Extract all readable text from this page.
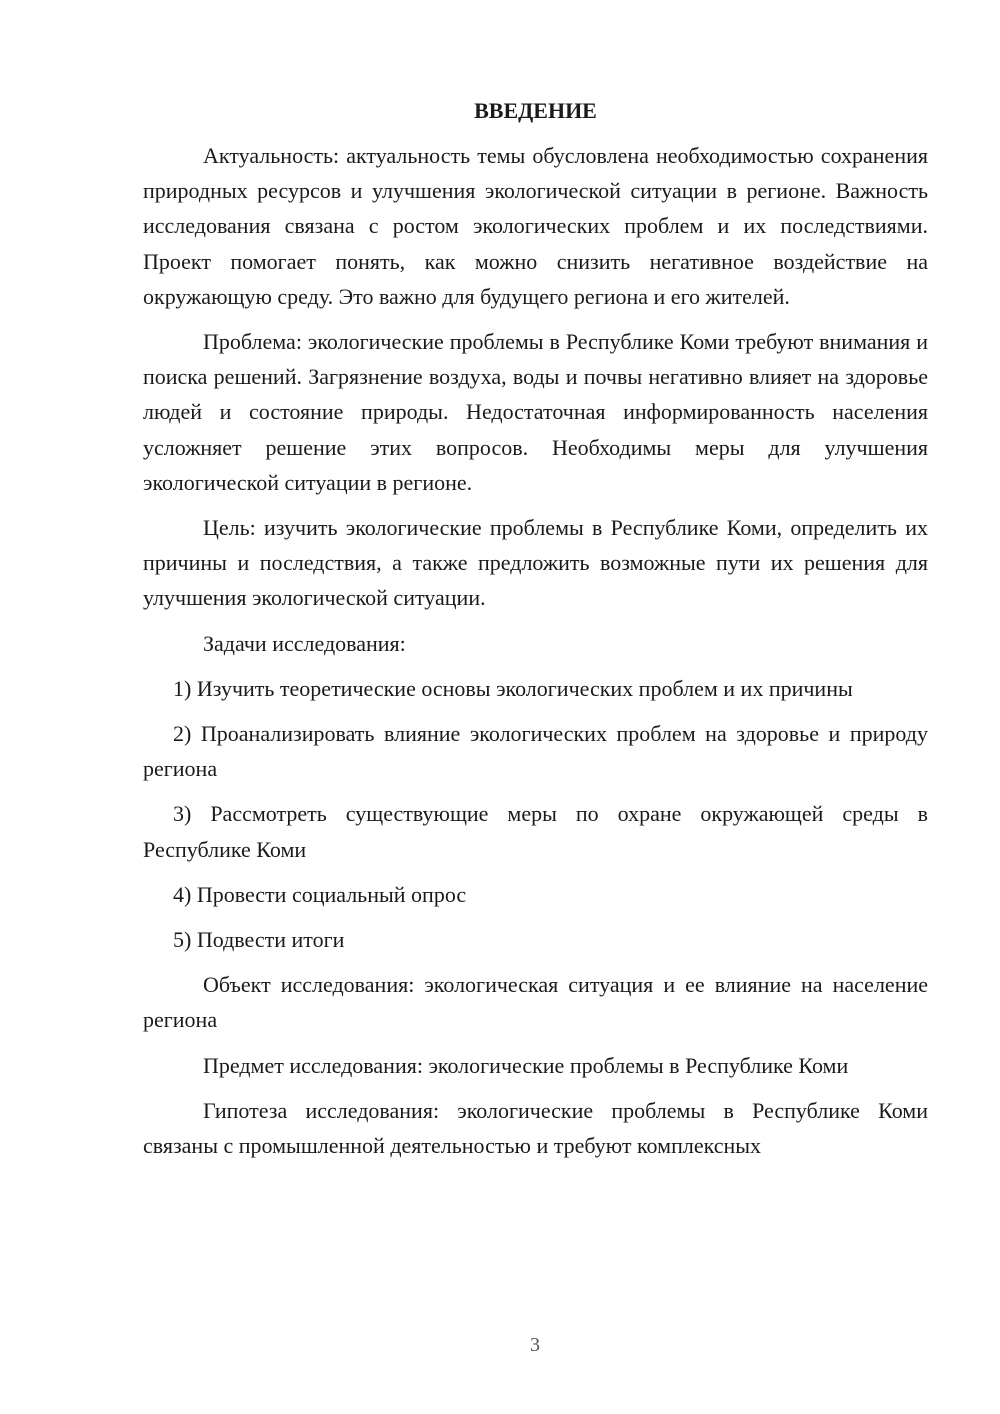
ВВЕДЕНИЕ

Актуальность: актуальность темы обусловлена необходимостью сохранения природных ресурсов и улучшения экологической ситуации в регионе. Важность исследования связана с ростом экологических проблем и их последствиями. Проект помогает понять, как можно снизить негативное воздействие на окружающую среду. Это важно для будущего региона и его жителей.

Проблема: экологические проблемы в Республике Коми требуют внимания и поиска решений. Загрязнение воздуха, воды и почвы негативно влияет на здоровье людей и состояние природы. Недостаточная информированность населения усложняет решение этих вопросов. Необходимы меры для улучшения экологической ситуации в регионе.

Цель: изучить экологические проблемы в Республике Коми, определить их причины и последствия, а также предложить возможные пути их решения для улучшения экологической ситуации.

Задачи исследования:

1) Изучить теоретические основы экологических проблем и их причины

2) Проанализировать влияние экологических проблем на здоровье и природу региона

3) Рассмотреть существующие меры по охране окружающей среды в Республике Коми

4) Провести социальный опрос

5) Подвести итоги

Объект исследования: экологическая ситуация и ее влияние на население региона

Предмет исследования: экологические проблемы в Республике Коми

Гипотеза исследования: экологические проблемы в Республике Коми связаны с промышленной деятельностью и требуют комплексных

3
